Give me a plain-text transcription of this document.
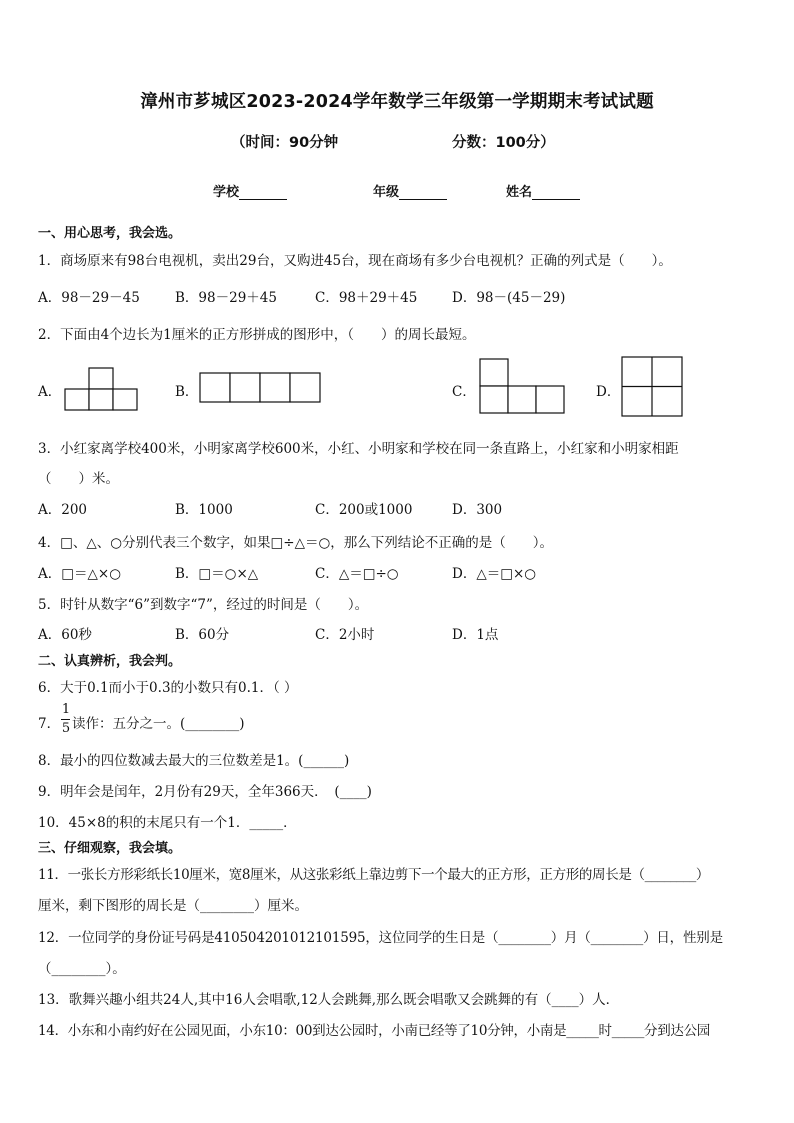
漳州市芗城区2023-2024学年数学三年级第一学期期末考试试题
（时间：90分钟	分数：100分）
学校	年级	姓名
一、用心思考，我会选。
1．商场原来有98台电视机，卖出29台，又购进45台，现在商场有多少台电视机？正确的列式是（　　）。
A．98－29－45	B．98－29＋45	C．98＋29＋45	D．98－(45－29)
2．下面由4个边长为1厘米的正方形拼成的图形中，（　　）的周长最短。
A．	B．	C．	D．
3．小红家离学校400米，小明家离学校600米，小红、小明家和学校在同一条直路上，小红家和小明家相距
（　　）米。
A．200	B．1000	C．200或1000	D．300
4．□、△、○分别代表三个数字，如果□÷△＝○，那么下列结论不正确的是（　　）。
A．□＝△×○	B．□＝○×△	C．△＝□÷○	D．△＝□×○
5．时针从数字“6”到数字“7”，经过的时间是（　　）。
A．60秒	B．60分	C．2小时	D．1点
二、认真辨析，我会判。
6．大于0.1而小于0.3的小数只有0.1．（ ）
7．
1
5 读作：五分之一。(________)
8．最小的四位数减去最大的三位数差是1。(______)
9．明年会是闰年，2月份有29天，全年366天．　(____)
10．45×8的积的末尾只有一个1．_____．
三、仔细观察，我会填。
11．一张长方形彩纸长10厘米，宽8厘米，从这张彩纸上靠边剪下一个最大的正方形，正方形的周长是（________）
厘米，剩下图形的周长是（________）厘米。
12．一位同学的身份证号码是410504201012101595，这位同学的生日是（________）月（________）日，性别是
（________）。
13．歌舞兴趣小组共24人,其中16人会唱歌,12人会跳舞,那么既会唱歌又会跳舞的有（____）人．
14．小东和小南约好在公园见面，小东10：00到达公园时，小南已经等了10分钟，小南是_____时_____分到达公园
